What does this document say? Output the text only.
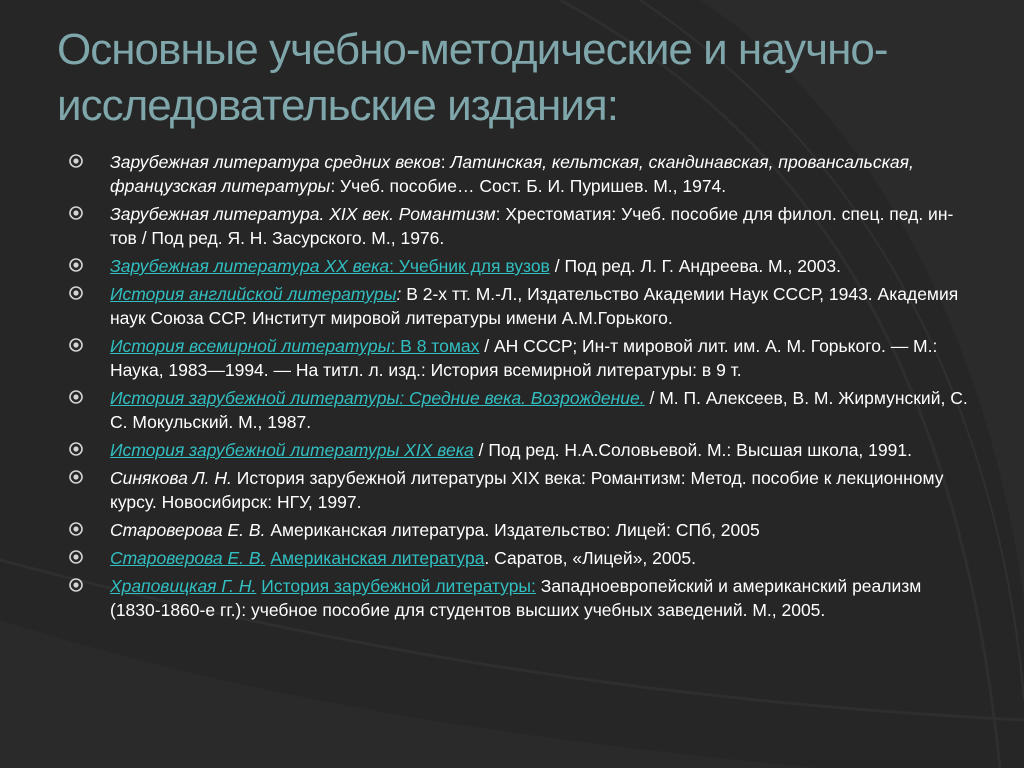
Основные учебно-методические и научно-
исследовательские издания:
Зарубежная литература средних веков: Латинская, кельтская, скандинавская, провансальская, французская литературы: Учеб. пособие… Сост. Б. И. Пуришев. М., 1974.
Зарубежная литература. XIX век. Романтизм: Хрестоматия: Учеб. пособие для филол. спец. пед. ин-тов / Под ред. Я. Н. Засурского. М., 1976.
Зарубежная литература XX века: Учебник для вузов / Под ред. Л. Г. Андреева. М., 2003.
История английской литературы: В 2-х тт. М.-Л., Издательство Академии Наук СССР, 1943. Академия наук Союза ССР. Институт мировой литературы имени А.М.Горького.
История всемирной литературы: В 8 томах / АН СССР; Ин-т мировой лит. им. А. М. Горького. — М.: Наука, 1983—1994. — На титл. л. изд.: История всемирной литературы: в 9 т.
История зарубежной литературы: Средние века. Возрождение. / М. П. Алексеев, В. М. Жирмунский, С. С. Мокульский. М., 1987.
История зарубежной литературы XIX века / Под ред. Н.А.Соловьевой. М.: Высшая школа, 1991.
Синякова Л. Н. История зарубежной литературы XIX века: Романтизм: Метод. пособие к лекционному курсу. Новосибирск: НГУ, 1997.
Староверова Е. В. Американская литература. Издательство: Лицей: СПб, 2005
Староверова Е. В. Американская литература. Саратов, «Лицей», 2005.
Храповицкая Г. Н. История зарубежной литературы: Западноевропейский и американский реализм (1830-1860-е гг.): учебное пособие для студентов высших учебных заведений. М., 2005.
